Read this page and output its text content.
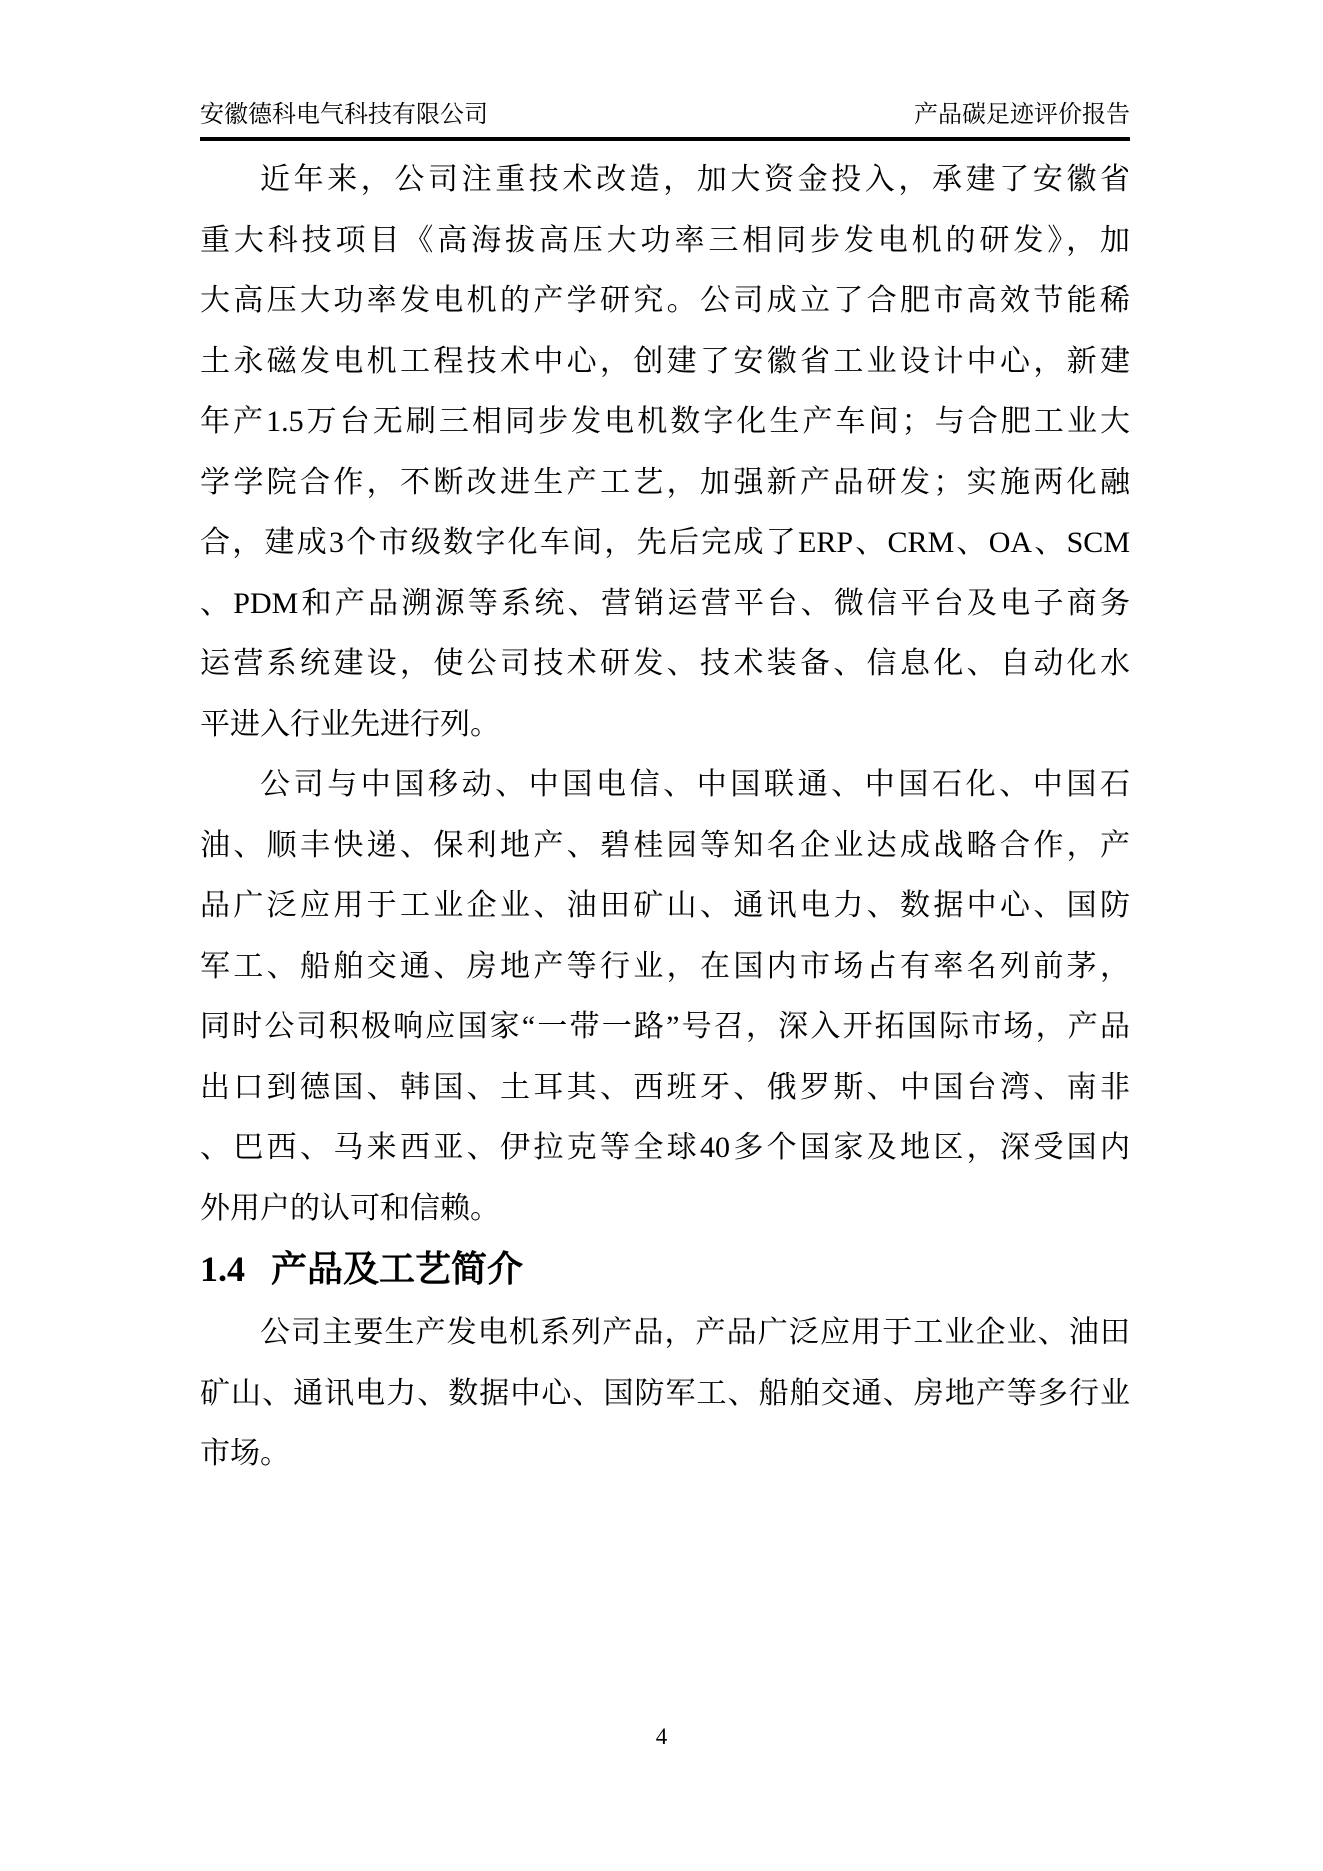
安徽德科电气科技有限公司	产品碳足迹评价报告
近年来，公司注重技术改造，加大资金投入，承建了安徽省
重大科技项目《高海拔高压大功率三相同步发电机的研发》，加
大高压大功率发电机的产学研究。公司成立了合肥市高效节能稀
土永磁发电机工程技术中心，创建了安徽省工业设计中心，新建
年产1.5万台无刷三相同步发电机数字化生产车间；与合肥工业大
学学院合作，不断改进生产工艺，加强新产品研发；实施两化融
合，建成3个市级数字化车间，先后完成了ERP、CRM、OA、SCM
、PDM和产品溯源等系统、营销运营平台、微信平台及电子商务
运营系统建设，使公司技术研发、技术装备、信息化、自动化水
平进入行业先进行列。
公司与中国移动、中国电信、中国联通、中国石化、中国石
油、顺丰快递、保利地产、碧桂园等知名企业达成战略合作，产
品广泛应用于工业企业、油田矿山、通讯电力、数据中心、国防
军工、船舶交通、房地产等行业，在国内市场占有率名列前茅，
同时公司积极响应国家“一带一路”号召，深入开拓国际市场，产品
出口到德国、韩国、土耳其、西班牙、俄罗斯、中国台湾、南非
、巴西、马来西亚、伊拉克等全球40多个国家及地区，深受国内
外用户的认可和信赖。
1.4 产品及工艺简介
公司主要生产发电机系列产品，产品广泛应用于工业企业、油田
矿山、通讯电力、数据中心、国防军工、船舶交通、房地产等多行业
市场。
4
